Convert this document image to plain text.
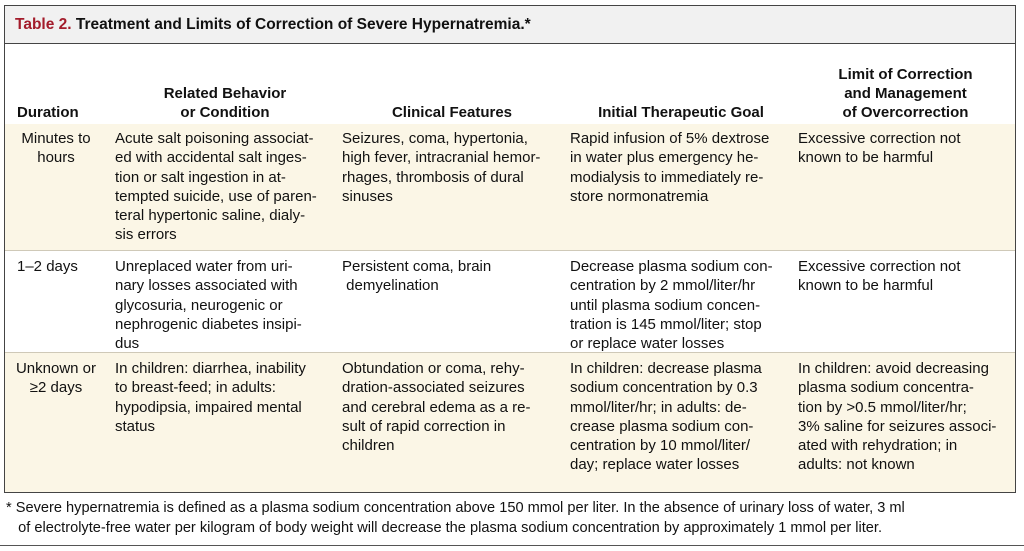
Table 2. Treatment and Limits of Correction of Severe Hypernatremia.*
Duration
Related Behavior
or Condition	Clinical Features	Initial Therapeutic Goal
Limit of Correction
and Management
of Overcorrection
Minutes to
hours
Acute salt poisoning associat-
ed with accidental salt inges-
tion or salt ingestion in at-
tempted suicide, use of paren-
teral hypertonic saline, dialy-
sis errors
Seizures, coma, hypertonia,
high fever, intracranial hemor-
rhages, thrombosis of dural
sinuses
Rapid infusion of 5% dextrose
in water plus emergency he-
modialysis to immediately re-
store normonatremia
Excessive correction not
known to be harmful
1–2 days Unreplaced water from uri-
nary losses associated with
glycosuria, neurogenic or
nephrogenic diabetes insipi-
dus
Persistent coma, brain
demyelination
Decrease plasma sodium con-
centration by 2 mmol/liter/hr
until plasma sodium concen-
tration is 145 mmol/liter; stop
or replace water losses
Excessive correction not
known to be harmful
Unknown or
≥2 days
In children: diarrhea, inability
to breast-feed; in adults:
hypodipsia, impaired mental
status
Obtundation or coma, rehy-
dration-associated seizures
and cerebral edema as a re-
sult of rapid correction in
children
In children: decrease plasma
sodium concentration by 0.3
mmol/liter/hr; in adults: de-
crease plasma sodium con-
centration by 10 mmol/liter/
day; replace water losses
In children: avoid decreasing
plasma sodium concentra-
tion by >0.5 mmol/liter/hr;
3% saline for seizures associ-
ated with rehydration; in
adults: not known
* Severe hypernatremia is defined as a plasma sodium concentration above 150 mmol per liter. In the absence of urinary loss of water, 3 ml
of electrolyte-free water per kilogram of body weight will decrease the plasma sodium concentration by approximately 1 mmol per liter.
